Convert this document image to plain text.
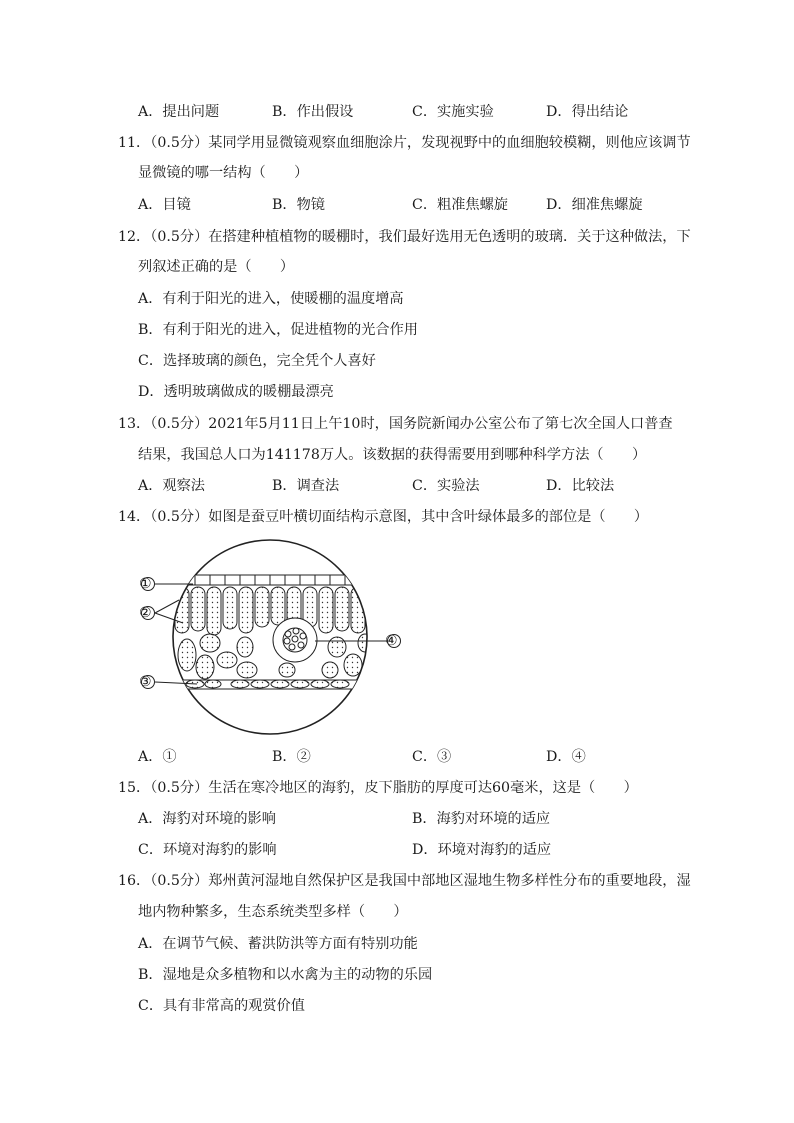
A．提出问题	B．作出假设	C．实施实验	D．得出结论
11．（0.5分）某同学用显微镜观察血细胞涂片，发现视野中的血细胞较模糊，则他应该调节
显微镜的哪一结构（　　）
A．目镜	B．物镜	C．粗准焦螺旋	D．细准焦螺旋
12．（0.5分）在搭建种植植物的暖棚时，我们最好选用无色透明的玻璃．关于这种做法，下
列叙述正确的是（　　）
A．有利于阳光的进入，使暖棚的温度增高
B．有利于阳光的进入，促进植物的光合作用
C．选择玻璃的颜色，完全凭个人喜好
D．透明玻璃做成的暖棚最漂亮
13．（0.5分）2021年5月11日上午10时，国务院新闻办公室公布了第七次全国人口普查
结果，我国总人口为141178万人。该数据的获得需要用到哪种科学方法（　　）
A．观察法	B．调查法	C．实验法	D．比较法
14．（0.5分）如图是蚕豆叶横切面结构示意图，其中含叶绿体最多的部位是（　　）
①
②
③
④
A．①	B．②	C．③	D．④
15．（0.5分）生活在寒冷地区的海豹，皮下脂肪的厚度可达60毫米，这是（　　）
A．海豹对环境的影响	B．海豹对环境的适应
C．环境对海豹的影响	D．环境对海豹的适应
16．（0.5分）郑州黄河湿地自然保护区是我国中部地区湿地生物多样性分布的重要地段，湿
地内物种繁多，生态系统类型多样（　　）
A．在调节气候、蓄洪防洪等方面有特别功能
B．湿地是众多植物和以水禽为主的动物的乐园
C．具有非常高的观赏价值
